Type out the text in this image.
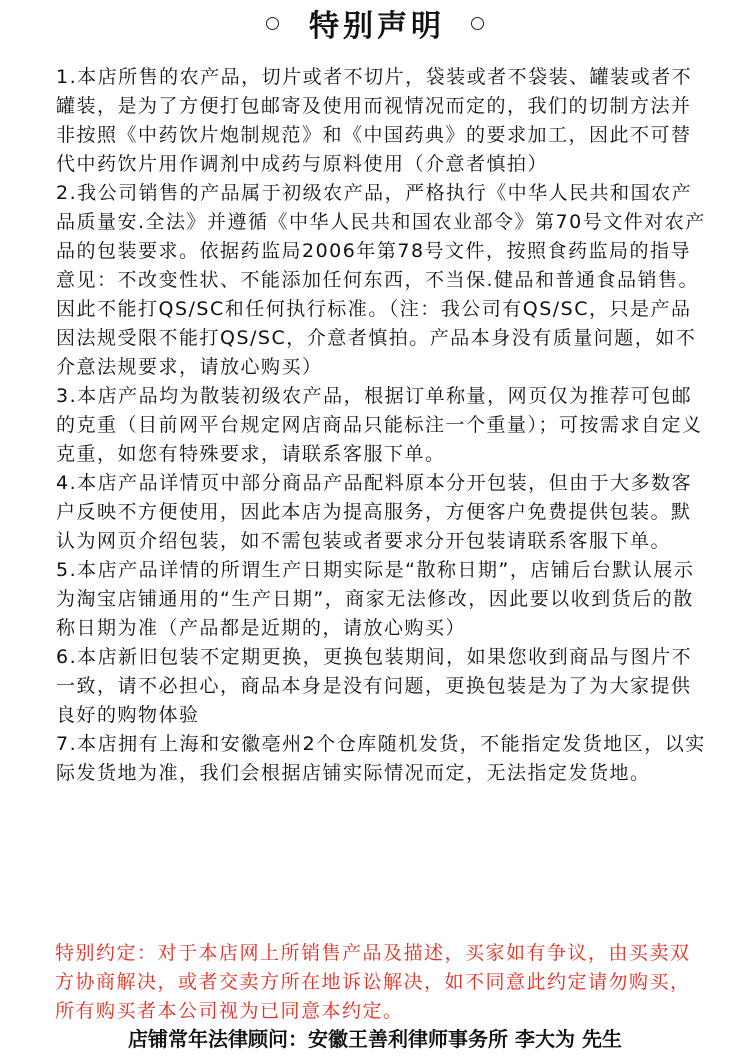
特别声明

1.本店所售的农产品，切片或者不切片，袋装或者不袋装、罐装或者不罐装，是为了方便打包邮寄及使用而视情况而定的，我们的切制方法并非按照《中药饮片炮制规范》和《中国药典》的要求加工，因此不可替代中药饮片用作调剂中成药与原料使用（介意者慎拍）

2.我公司销售的产品属于初级农产品，严格执行《中华人民共和国农产品质量安.全法》并遵循《中华人民共和国农业部令》第70号文件对农产品的包装要求。依据药监局2006年第78号文件，按照食药监局的指导意见：不改变性状、不能添加任何东西，不当保.健品和普通食品销售。因此不能打QS/SC和任何执行标准。（注：我公司有QS/SC，只是产品因法规受限不能打QS/SC，介意者慎拍。产品本身没有质量问题，如不介意法规要求，请放心购买）

3.本店产品均为散装初级农产品，根据订单称量，网页仅为推荐可包邮的克重（目前网平台规定网店商品只能标注一个重量）；可按需求自定义克重，如您有特殊要求，请联系客服下单。

4.本店产品详情页中部分商品产品配料原本分开包装，但由于大多数客户反映不方便使用，因此本店为提高服务，方便客户免费提供包装。默认为网页介绍包装，如不需包装或者要求分开包装请联系客服下单。

5.本店产品详情的所谓生产日期实际是“散称日期”，店铺后台默认展示为淘宝店铺通用的“生产日期”，商家无法修改，因此要以收到货后的散称日期为准（产品都是近期的，请放心购买）

6.本店新旧包装不定期更换，更换包装期间，如果您收到商品与图片不一致，请不必担心，商品本身是没有问题，更换包装是为了为大家提供良好的购物体验

7.本店拥有上海和安徽亳州2个仓库随机发货，不能指定发货地区，以实际发货地为准，我们会根据店铺实际情况而定，无法指定发货地。

特别约定：对于本店网上所销售产品及描述，买家如有争议，由买卖双方协商解决，或者交卖方所在地诉讼解决，如不同意此约定请勿购买，所有购买者本公司视为已同意本约定。

店铺常年法律顾问：安徽王善利律师事务所 李大为 先生
